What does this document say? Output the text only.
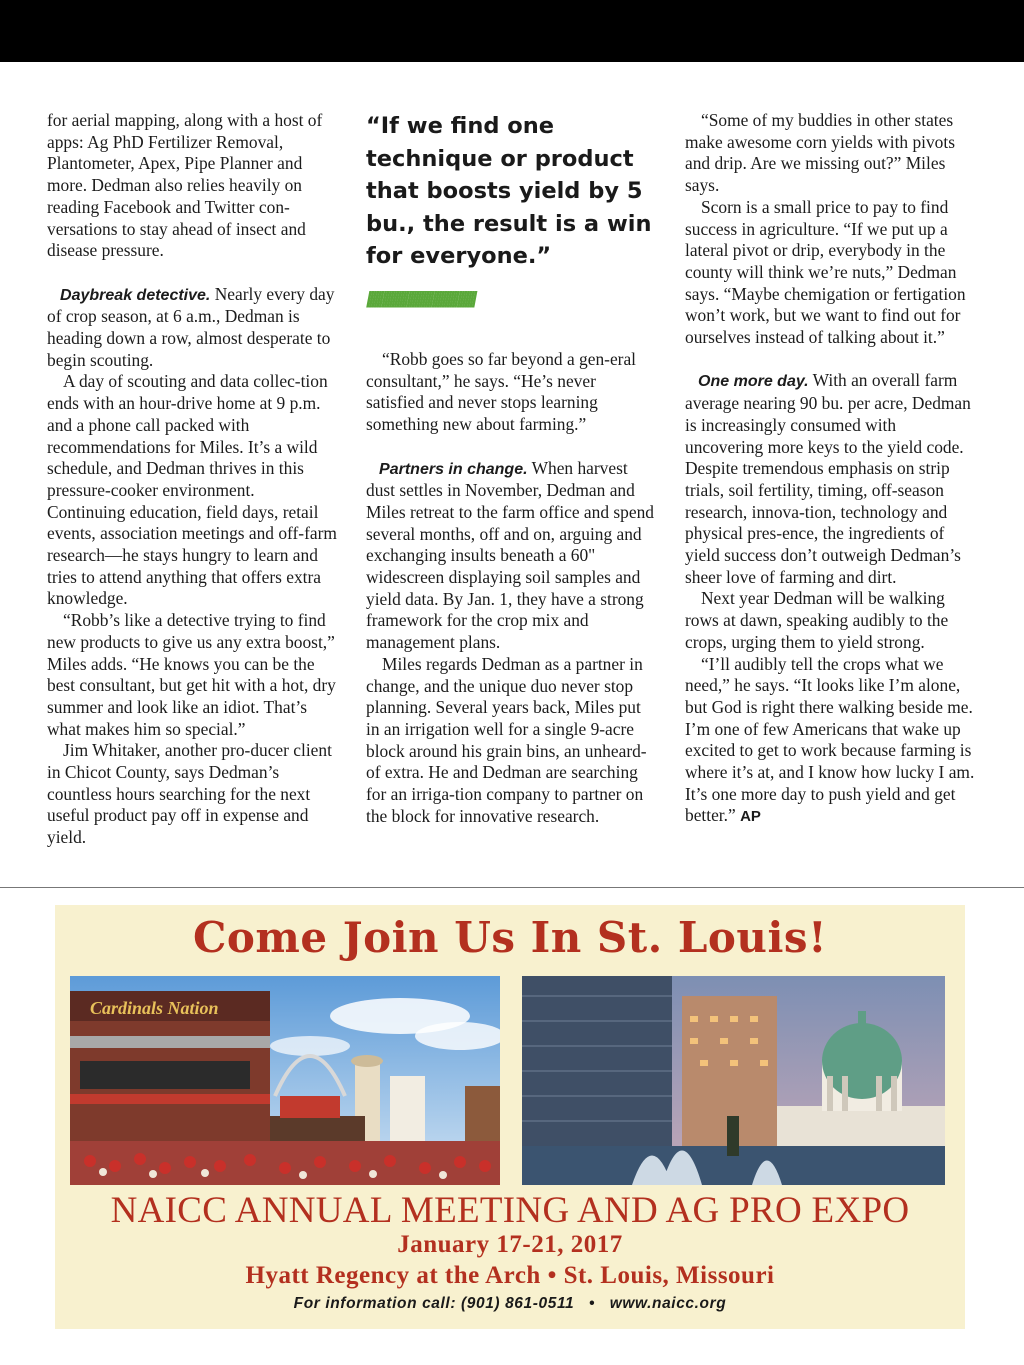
for aerial mapping, along with a host of apps: Ag PhD Fertilizer Removal, Plantometer, Apex, Pipe Planner and more. Dedman also relies heavily on reading Facebook and Twitter con-versations to stay ahead of insect and disease pressure.

Daybreak detective. Nearly every day of crop season, at 6 a.m., Dedman is heading down a row, almost desperate to begin scouting.

A day of scouting and data collec-tion ends with an hour-drive home at 9 p.m. and a phone call packed with recommendations for Miles. It’s a wild schedule, and Dedman thrives in this pressure-cooker environment. Continuing education, field days, retail events, association meetings and off-farm research—he stays hungry to learn and tries to attend anything that offers extra knowledge.

“Robb’s like a detective trying to find new products to give us any extra boost,” Miles adds. “He knows you can be the best consultant, but get hit with a hot, dry summer and look like an idiot. That’s what makes him so special.”

Jim Whitaker, another pro-ducer client in Chicot County, says Dedman’s countless hours searching for the next useful product pay off in expense and yield.

“If we find one technique or product that boosts yield by 5 bu., the result is a win for everyone.”
///////////////////////////////////////////

“Robb goes so far beyond a gen-eral consultant,” he says. “He’s never satisfied and never stops learning something new about farming.”

Partners in change. When harvest dust settles in November, Dedman and Miles retreat to the farm office and spend several months, off and on, arguing and exchanging insults beneath a 60" widescreen displaying soil samples and yield data. By Jan. 1, they have a strong framework for the crop mix and management plans.

Miles regards Dedman as a partner in change, and the unique duo never stop planning. Several years back, Miles put in an irrigation well for a single 9-acre block around his grain bins, an unheard-of extra. He and Dedman are searching for an irriga-tion company to partner on the block for innovative research.

“Some of my buddies in other states make awesome corn yields with pivots and drip. Are we missing out?” Miles says.

Scorn is a small price to pay to find success in agriculture. “If we put up a lateral pivot or drip, everybody in the county will think we’re nuts,” Dedman says. “Maybe chemigation or fertigation won’t work, but we want to find out for ourselves instead of talking about it.”

One more day. With an overall farm average nearing 90 bu. per acre, Dedman is increasingly consumed with uncovering more keys to the yield code. Despite tremendous emphasis on strip trials, soil fertility, timing, off-season research, innova-tion, technology and physical pres-ence, the ingredients of yield success don’t outweigh Dedman’s sheer love of farming and dirt.

Next year Dedman will be walking rows at dawn, speaking audibly to the crops, urging them to yield strong.

“I’ll audibly tell the crops what we need,” he says. “It looks like I’m alone, but God is right there walking beside me. I’m one of few Americans that wake up excited to get to work because farming is where it’s at, and I know how lucky I am. It’s one more day to push yield and get better.” AP

Come Join Us In St. Louis!
Cardinals Nation
NAICC ANNUAL MEETING AND AG PRO EXPO
January 17-21, 2017
Hyatt Regency at the Arch • St. Louis, Missouri
For information call: (901) 861-0511   •   www.naicc.org
